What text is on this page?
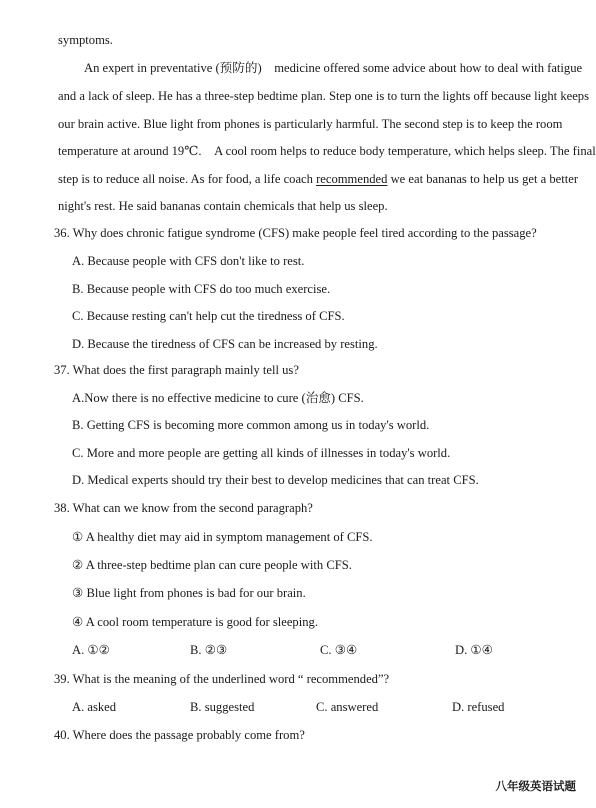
symptoms.
An expert in preventative (预防的)　medicine offered some advice about how to deal with fatigue
and a lack of sleep. He has a three-step bedtime plan. Step one is to turn the lights off because light keeps
our brain active. Blue light from phones is particularly harmful. The second step is to keep the room
temperature at around 19℃.　A cool room helps to reduce body temperature, which helps sleep. The final
step is to reduce all noise. As for food, a life coach recommended we eat bananas to help us get a better
night's rest. He said bananas contain chemicals that help us sleep.
36. Why does chronic fatigue syndrome (CFS) make people feel tired according to the passage?
A. Because people with CFS don't like to rest.
B. Because people with CFS do too much exercise.
C. Because resting can't help cut the tiredness of CFS.
D. Because the tiredness of CFS can be increased by resting.
37. What does the first paragraph mainly tell us?
A.Now there is no effective medicine to cure (治愈) CFS.
B. Getting CFS is becoming more common among us in today's world.
C. More and more people are getting all kinds of illnesses in today's world.
D. Medical experts should try their best to develop medicines that can treat CFS.
38. What can we know from the second paragraph?
① A healthy diet may aid in symptom management of CFS.
② A three-step bedtime plan can cure people with CFS.
③ Blue light from phones is bad for our brain.
④ A cool room temperature is good for sleeping.
A. ①②	B. ②③	C. ③④	D. ①④
39. What is the meaning of the underlined word “ recommended”?
A. asked	B. suggested	C. answered	D. refused
40. Where does the passage probably come from?
八年级英语试题
